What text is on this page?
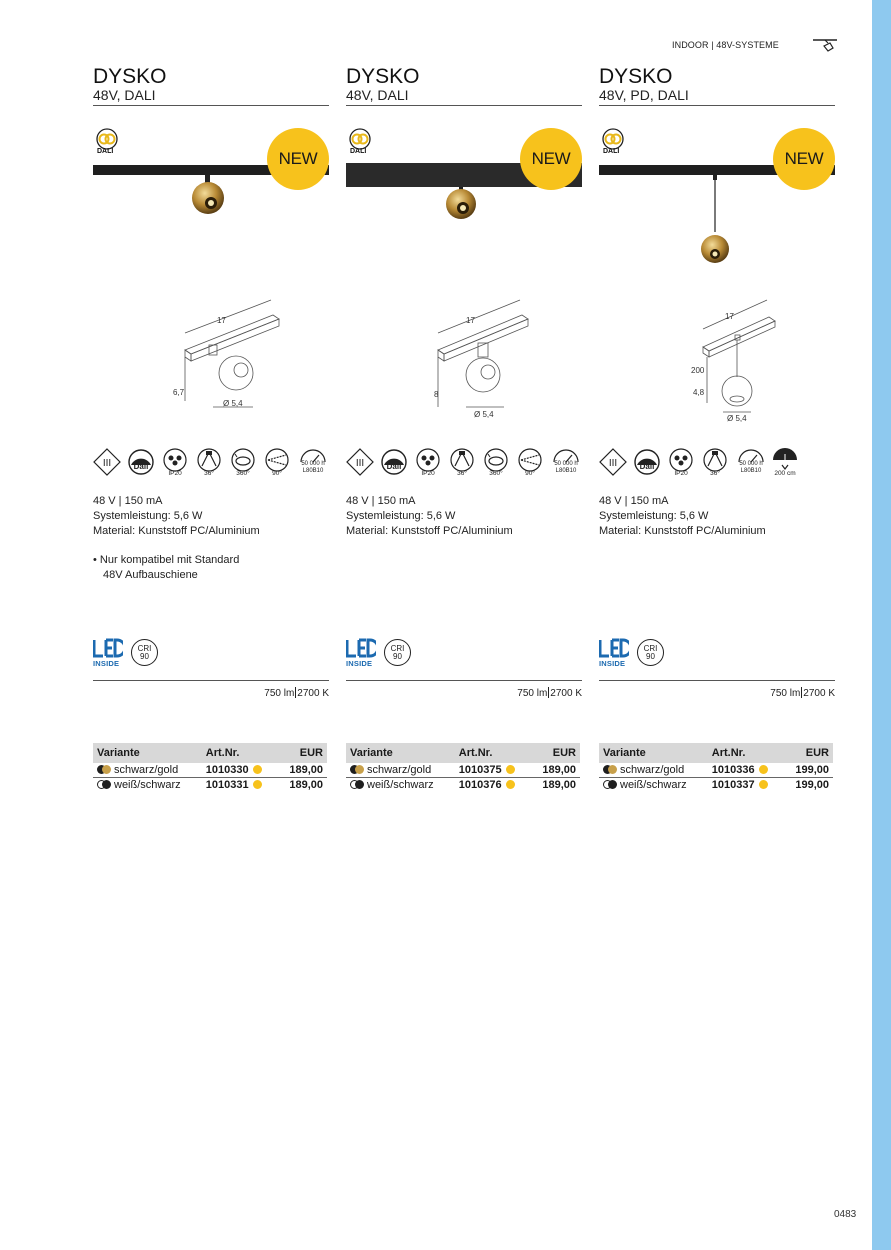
INDOOR | 48V-SYSTEME
DYSKO
48V, DALI
DALI	NEW
17
6,7
Ø 5,4
III	Dali
IP20	36°	360°	90°
50 000 h L80B10
48 V | 150 mA
Systemleistung: 5,6 W
Material: Kunststoff PC/Aluminium
• Nur kompatibel mit Standard
48V Aufbauschiene
INSIDE
CRI
90
750 lm 2700 K
Variante	Art.Nr.	EUR

schwarz/gold	1010330	189,00

weiß/schwarz	1010331	189,00
DYSKO
48V, DALI
DALI	NEW
17
8
Ø 5,4
III	Dali
IP20	36°	360°	90°
50 000 h L80B10
48 V | 150 mA
Systemleistung: 5,6 W
Material: Kunststoff PC/Aluminium
INSIDE
CRI
90
750 lm 2700 K
Variante	Art.Nr.	EUR

schwarz/gold	1010375	189,00

weiß/schwarz	1010376	189,00
DYSKO
48V, PD, DALI
DALI	NEW
17
200
4,8
Ø 5,4
III	Dali
IP20	36°
50 000 h L80B10	200 cm
48 V | 150 mA
Systemleistung: 5,6 W
Material: Kunststoff PC/Aluminium
INSIDE
CRI
90
750 lm 2700 K
Variante	Art.Nr.	EUR

schwarz/gold	1010336	199,00

weiß/schwarz	1010337	199,00
0483
